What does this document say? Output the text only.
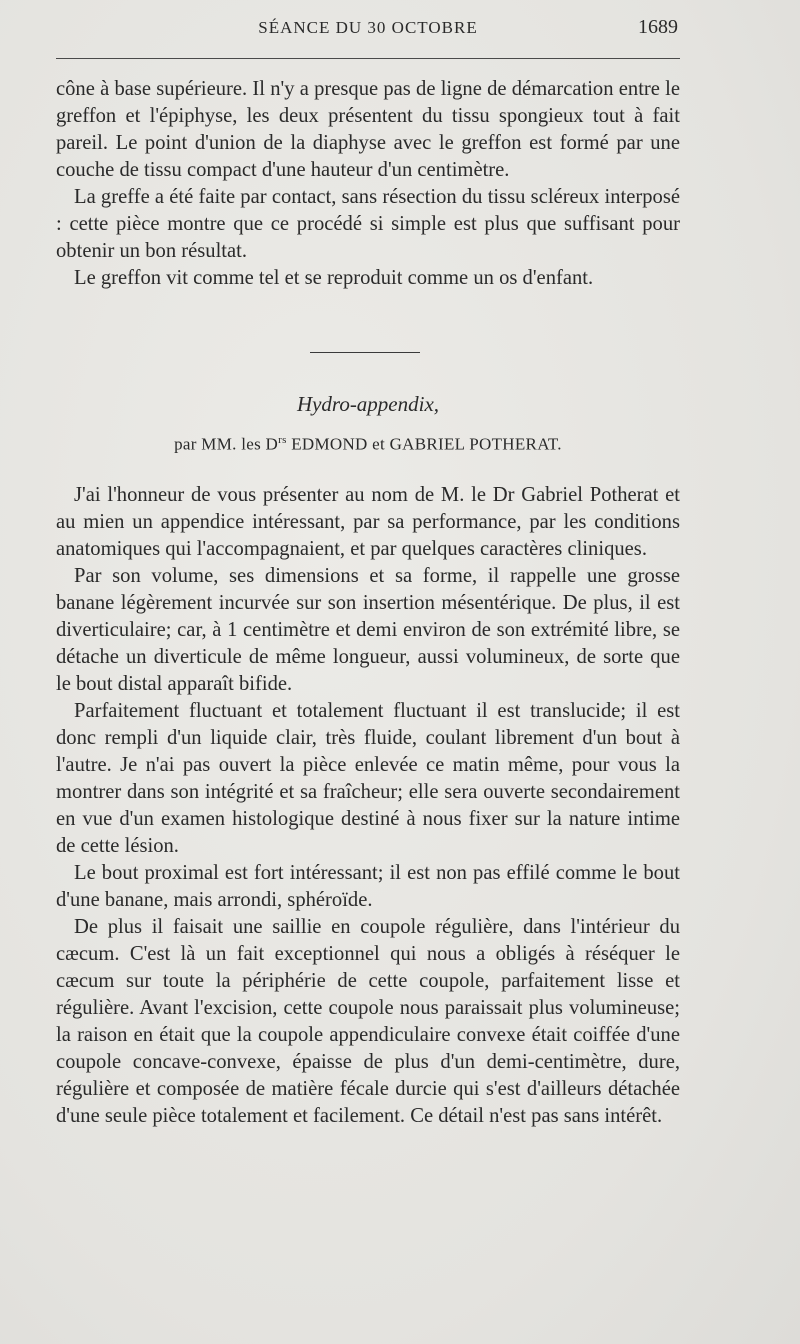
SÉANCE DU 30 OCTOBRE	1689

cône à base supérieure. Il n'y a presque pas de ligne de démarcation entre le greffon et l'épiphyse, les deux présentent du tissu spongieux tout à fait pareil. Le point d'union de la diaphyse avec le greffon est formé par une couche de tissu compact d'une hauteur d'un centimètre.

La greffe a été faite par contact, sans résection du tissu scléreux interposé : cette pièce montre que ce procédé si simple est plus que suffisant pour obtenir un bon résultat.

Le greffon vit comme tel et se reproduit comme un os d'enfant.

Hydro-appendix,
par MM. les $D^{rs}$ EDMOND et GABRIEL POTHERAT.

J'ai l'honneur de vous présenter au nom de M. le Dr Gabriel Potherat et au mien un appendice intéressant, par sa performance, par les conditions anatomiques qui l'accompagnaient, et par quelques caractères cliniques.

Par son volume, ses dimensions et sa forme, il rappelle une grosse banane légèrement incurvée sur son insertion mésentérique. De plus, il est diverticulaire; car, à 1 centimètre et demi environ de son extrémité libre, se détache un diverticule de même longueur, aussi volumineux, de sorte que le bout distal apparaît bifide.

Parfaitement fluctuant et totalement fluctuant il est translucide; il est donc rempli d'un liquide clair, très fluide, coulant librement d'un bout à l'autre. Je n'ai pas ouvert la pièce enlevée ce matin même, pour vous la montrer dans son intégrité et sa fraîcheur; elle sera ouverte secondairement en vue d'un examen histologique destiné à nous fixer sur la nature intime de cette lésion.

Le bout proximal est fort intéressant; il est non pas effilé comme le bout d'une banane, mais arrondi, sphéroïde.

De plus il faisait une saillie en coupole régulière, dans l'intérieur du cæcum. C'est là un fait exceptionnel qui nous a obligés à réséquer le cæcum sur toute la périphérie de cette coupole, parfaitement lisse et régulière. Avant l'excision, cette coupole nous paraissait plus volumineuse; la raison en était que la coupole appendiculaire convexe était coiffée d'une coupole concave-convexe, épaisse de plus d'un demi-centimètre, dure, régulière et composée de matière fécale durcie qui s'est d'ailleurs détachée d'une seule pièce totalement et facilement. Ce détail n'est pas sans intérêt.
